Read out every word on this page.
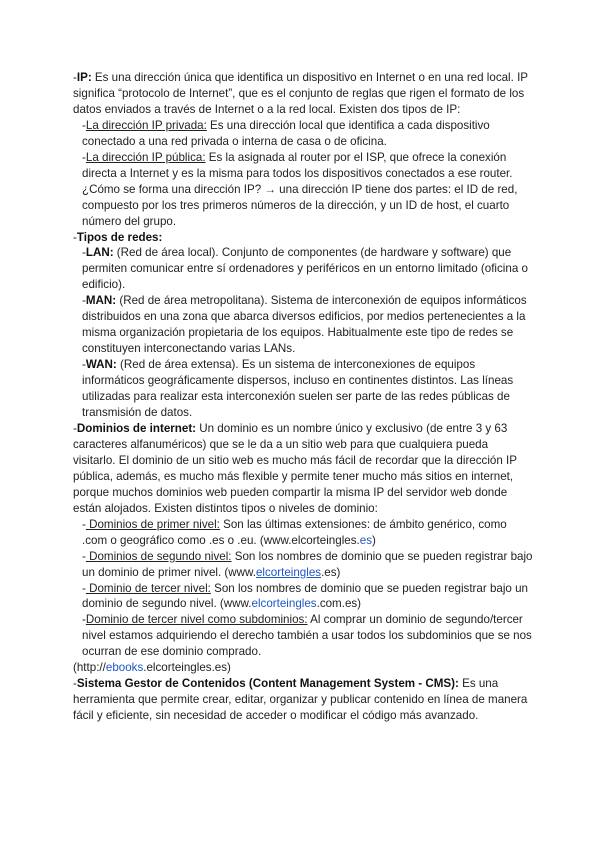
-IP: Es una dirección única que identifica un dispositivo en Internet o en una red local. IP significa “protocolo de Internet”, que es el conjunto de reglas que rigen el formato de los datos enviados a través de Internet o a la red local. Existen dos tipos de IP:

-La dirección IP privada: Es una dirección local que identifica a cada dispositivo conectado a una red privada o interna de casa o de oficina.

-La dirección IP pública: Es la asignada al router por el ISP, que ofrece la conexión directa a Internet y es la misma para todos los dispositivos conectados a ese router. ¿Cómo se forma una dirección IP? → una dirección IP tiene dos partes: el ID de red, compuesto por los tres primeros números de la dirección, y un ID de host, el cuarto número del grupo.

-Tipos de redes:

-LAN: (Red de área local). Conjunto de componentes (de hardware y software) que permiten comunicar entre sí ordenadores y periféricos en un entorno limitado (oficina o edificio).

-MAN: (Red de área metropolitana). Sistema de interconexión de equipos informáticos distribuidos en una zona que abarca diversos edificios, por medios pertenecientes a la misma organización propietaria de los equipos. Habitualmente este tipo de redes se constituyen interconectando varias LANs.

-WAN: (Red de área extensa). Es un sistema de interconexiones de equipos informáticos geográficamente dispersos, incluso en continentes distintos. Las líneas utilizadas para realizar esta interconexión suelen ser parte de las redes públicas de transmisión de datos.

-Dominios de internet: Un dominio es un nombre único y exclusivo (de entre 3 y 63 caracteres alfanuméricos) que se le da a un sitio web para que cualquiera pueda visitarlo. El dominio de un sitio web es mucho más fácil de recordar que la dirección IP pública, además, es mucho más flexible y permite tener mucho más sitios en internet, porque muchos dominios web pueden compartir la misma IP del servidor web donde están alojados. Existen distintos tipos o niveles de dominio:

- Dominios de primer nivel: Son las últimas extensiones: de ámbito genérico, como .com o geográfico como .es o .eu. (www.elcorteingles.es)

- Dominios de segundo nivel: Son los nombres de dominio que se pueden registrar bajo un dominio de primer nivel. (www.elcorteingles.es)

- Dominio de tercer nivel: Son los nombres de dominio que se pueden registrar bajo un dominio de segundo nivel. (www.elcorteingles.com.es)

-Dominio de tercer nivel como subdominios: Al comprar un dominio de segundo/tercer nivel estamos adquiriendo el derecho también a usar todos los subdominios que se nos ocurran de ese dominio comprado.

(http://ebooks.elcorteingles.es)

-Sistema Gestor de Contenidos (Content Management System - CMS): Es una herramienta que permite crear, editar, organizar y publicar contenido en línea de manera fácil y eficiente, sin necesidad de acceder o modificar el código más avanzado.
